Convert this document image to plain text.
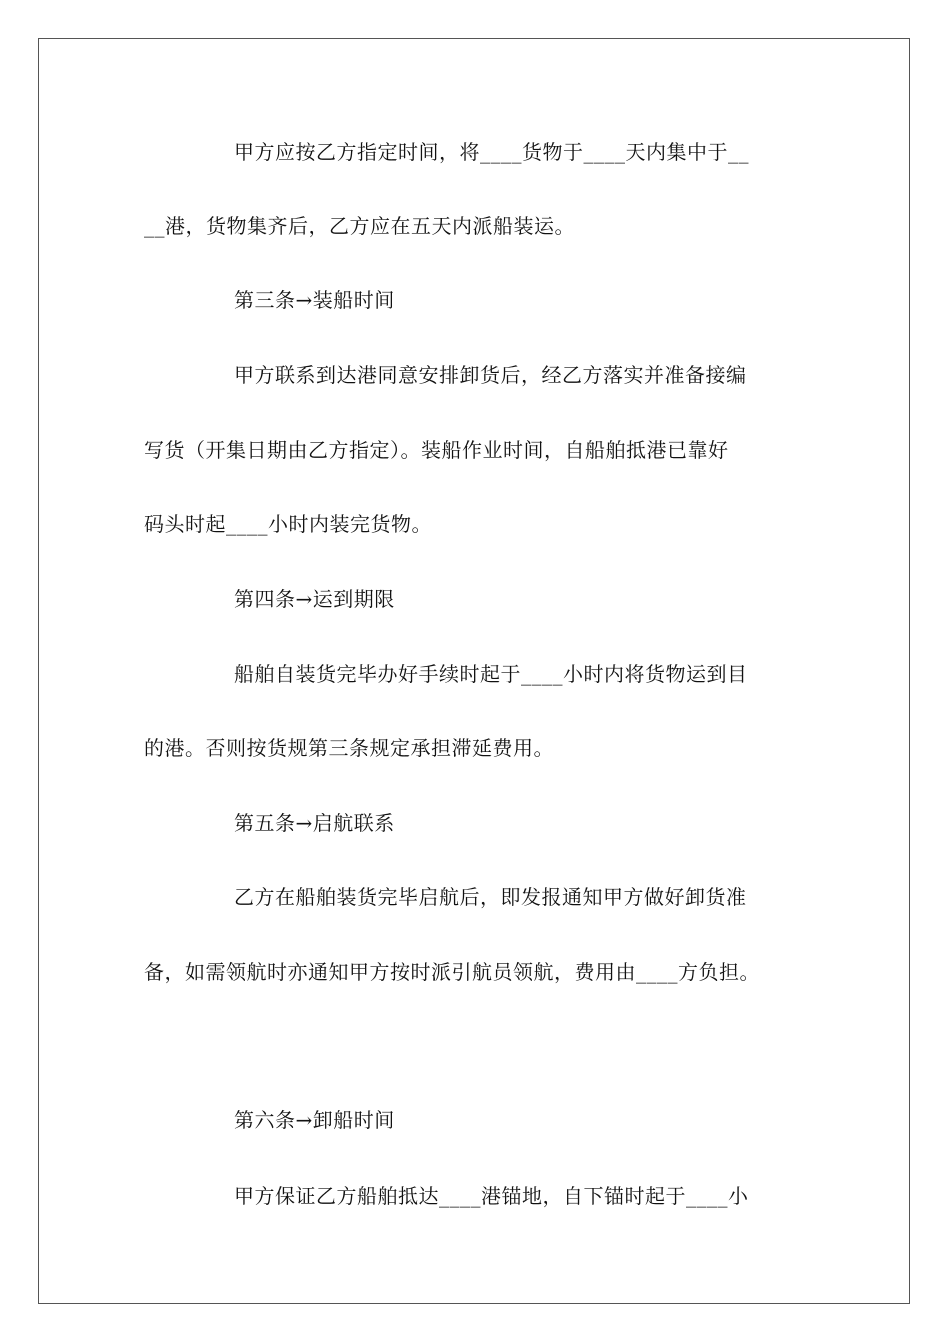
甲方应按乙方指定时间，将____货物于____天内集中于__
__港，货物集齐后，乙方应在五天内派船装运。
第三条→装船时间
甲方联系到达港同意安排卸货后，经乙方落实并准备接编
写货（开集日期由乙方指定）。装船作业时间，自船舶抵港已靠好
码头时起____小时内装完货物。
第四条→运到期限
船舶自装货完毕办好手续时起于____小时内将货物运到目
的港。否则按货规第三条规定承担滞延费用。
第五条→启航联系
乙方在船舶装货完毕启航后，即发报通知甲方做好卸货准
备，如需领航时亦通知甲方按时派引航员领航，费用由____方负担。
第六条→卸船时间
甲方保证乙方船舶抵达____港锚地，自下锚时起于____小
